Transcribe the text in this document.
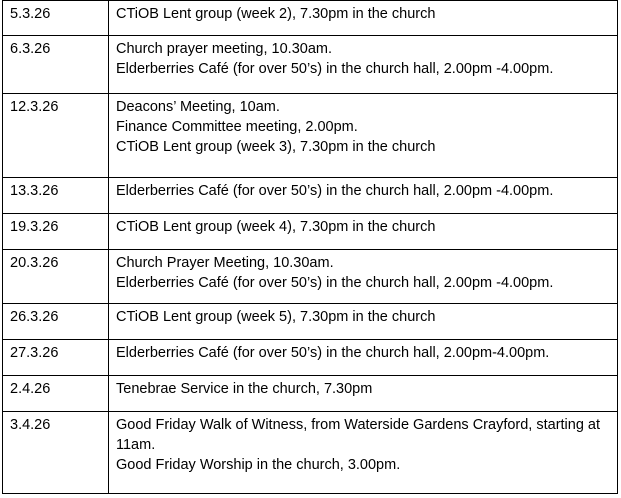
5.3.26	CTiOB Lent group (week 2), 7.30pm in the church

6.3.26	Church prayer meeting, 10.30am.
Elderberries Café (for over 50’s) in the church hall, 2.00pm -4.00pm.

12.3.26	Deacons’ Meeting, 10am.
Finance Committee meeting, 2.00pm.
CTiOB Lent group (week 3), 7.30pm in the church

13.3.26	Elderberries Café (for over 50’s) in the church hall, 2.00pm -4.00pm.

19.3.26	CTiOB Lent group (week 4), 7.30pm in the church

20.3.26	Church Prayer Meeting, 10.30am.
Elderberries Café (for over 50’s) in the church hall, 2.00pm -4.00pm.

26.3.26	CTiOB Lent group (week 5), 7.30pm in the church

27.3.26	Elderberries Café (for over 50’s) in the church hall, 2.00pm-4.00pm.

2.4.26	Tenebrae Service in the church, 7.30pm

3.4.26	Good Friday Walk of Witness, from Waterside Gardens Crayford, starting at 11am.
Good Friday Worship in the church, 3.00pm.
